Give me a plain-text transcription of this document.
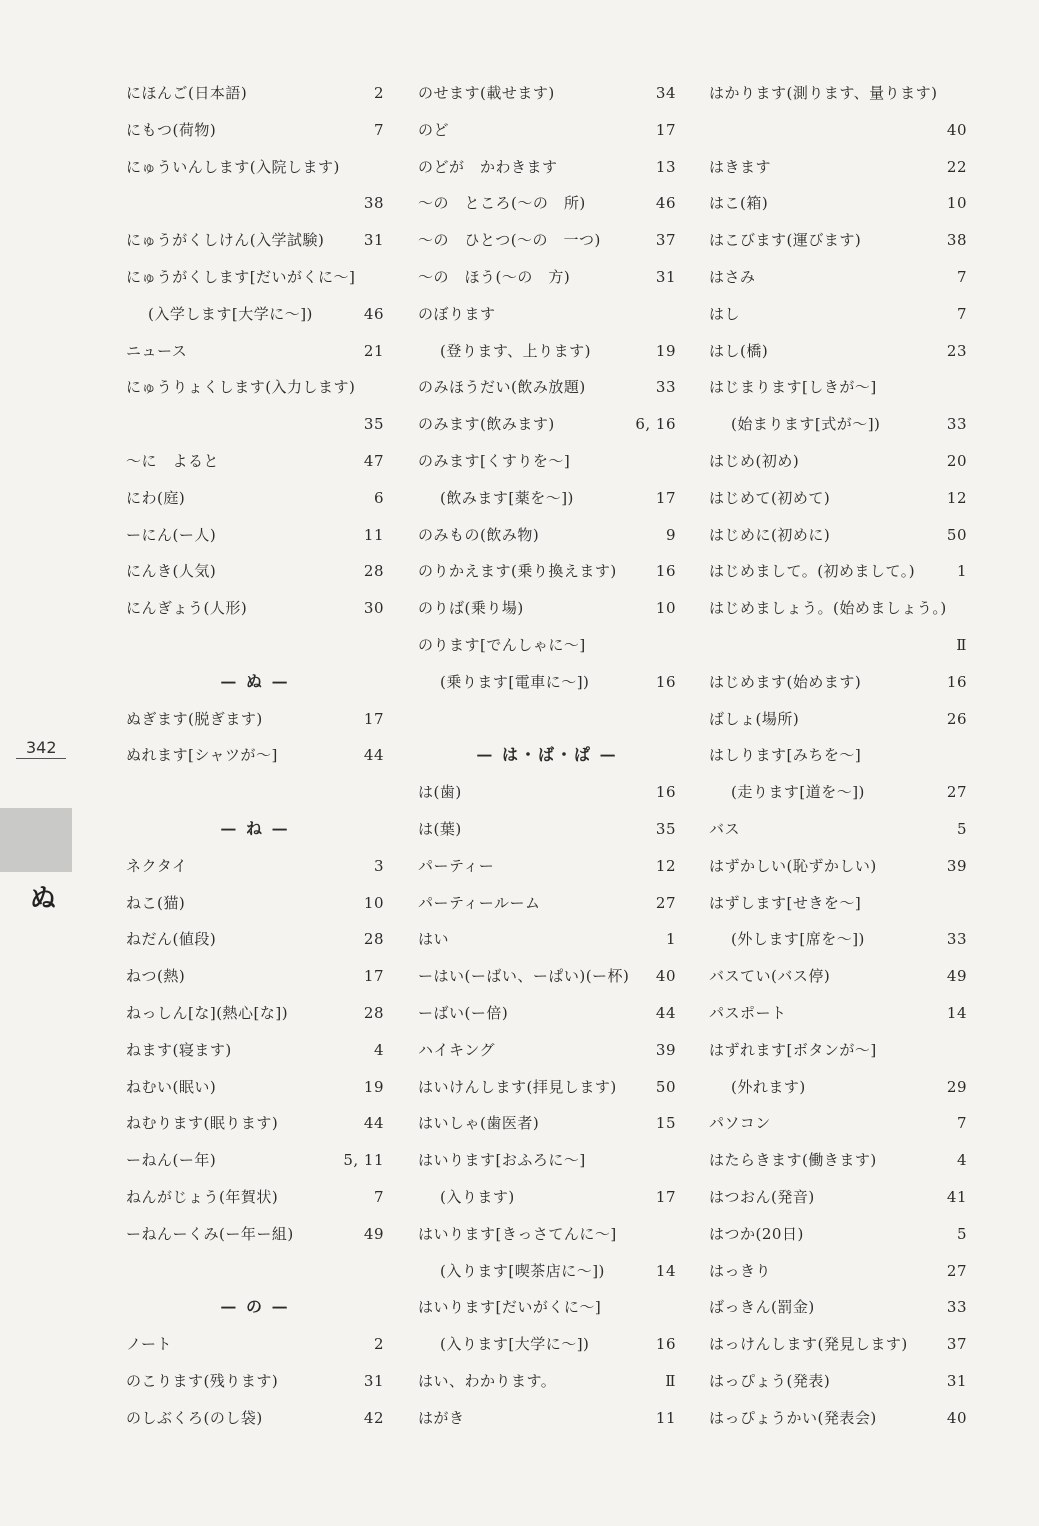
にほんご(日本語)	2
にもつ(荷物)	7
にゅういんします(入院します)
38
にゅうがくしけん(入学試験)	31
にゅうがくします[だいがくに〜]
(入学します[大学に〜])	46
ニュース	21
にゅうりょくします(入力します)
35
〜に　よると	47
にわ(庭)	6
ーにん(ー人)	11
にんき(人気)	28
にんぎょう(人形)	30
— ぬ —
ぬぎます(脱ぎます)	17
ぬれます[シャツが〜]	44
— ね —
ネクタイ	3
ねこ(猫)	10
ねだん(値段)	28
ねつ(熱)	17
ねっしん[な](熱心[な])	28
ねます(寝ます)	4
ねむい(眠い)	19
ねむります(眠ります)	44
ーねん(ー年)	5, 11
ねんがじょう(年賀状)	7
ーねんーくみ(ー年ー組)	49
— の —
ノート	2
のこります(残ります)	31
のしぶくろ(のし袋)	42
のせます(載せます)	34
のど	17
のどが　かわきます	13
〜の　ところ(〜の　所)	46
〜の　ひとつ(〜の　一つ)	37
〜の　ほう(〜の　方)	31
のぼります
(登ります、上ります)	19
のみほうだい(飲み放題)	33
のみます(飲みます)	6, 16
のみます[くすりを〜]
(飲みます[薬を〜])	17
のみもの(飲み物)	9
のりかえます(乗り換えます)	16
のりば(乗り場)	10
のります[でんしゃに〜]
(乗ります[電車に〜])	16
— は・ば・ぱ —
は(歯)	16
は(葉)	35
パーティー	12
パーティールーム	27
はい	1
ーはい(ーばい、ーぱい)(ー杯) 40
ーばい(ー倍)	44
ハイキング	39
はいけんします(拝見します)	50
はいしゃ(歯医者)	15
はいります[おふろに〜]
(入ります)	17
はいります[きっさてんに〜]
(入ります[喫茶店に〜])	14
はいります[だいがくに〜]
(入ります[大学に〜])	16
はい、わかります。	Ⅱ
はがき	11
はかります(測ります、量ります)
40
はきます	22
はこ(箱)	10
はこびます(運びます)	38
はさみ	7
はし	7
はし(橋)	23
はじまります[しきが〜]
(始まります[式が〜])	33
はじめ(初め)	20
はじめて(初めて)	12
はじめに(初めに)	50
はじめまして。(初めまして。)	1
はじめましょう。(始めましょう。)
Ⅱ
はじめます(始めます)	16
ばしょ(場所)	26
はしります[みちを〜]
(走ります[道を〜])	27
バス	5
はずかしい(恥ずかしい)	39
はずします[せきを〜]
(外します[席を〜])	33
バスてい(バス停)	49
パスポート	14
はずれます[ボタンが〜]
(外れます)	29
パソコン	7
はたらきます(働きます)	4
はつおん(発音)	41
はつか(20日)	5
はっきり	27
ばっきん(罰金)	33
はっけんします(発見します)	37
はっぴょう(発表)	31
はっぴょうかい(発表会)	40
342
ぬ
